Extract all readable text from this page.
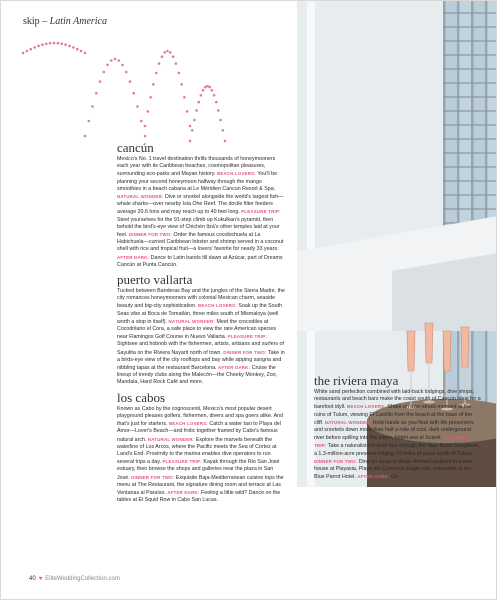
skip – Latin America
cancún

Mexico's No. 1 travel destination thrills thousands of honeymooners each year with its Caribbean beaches, cosmopolitan pleasures, surrounding eco-parks and Mayan history. BEACH LOVERS: You'll be planning your second honeymoon halfway through the mango smoothies in a beach cabana at Le Méridien Cancun Resort & Spa. NATURAL WONDER: Dive or snorkel alongside the world's largest fish—whale sharks—over nearby Isla Ohe Reef. The docile filter feeders average 20.6 tons and may reach up to 40 feet long. PLEASURE TRIP: Steel yourselves for the 91-step climb up Kukulkan's pyramid, then behold the bird's-eye view of Chichén Itzá's other temples laid at your feet. DINNER FOR TWO: Order the famous cocobichuela at La Habichuela—curried Caribbean lobster and shrimp served in a coconut shell with rice and tropical fruit—a lovers' favorite for nearly 33 years. AFTER DARK: Dance to Latin bands till dawn at Azúcar, part of Dreams Cancún at Punta Cancún.

puerto vallarta

Tucked between Banderas Bay and the jungles of the Sierra Madre, the city romances honeymooners with colonial Mexican charm, seaside beauty and big-city sophistication. BEACH LOVERS: Soak up the South Seas vibe at Boca de Tomatlán, three miles south of Mismaloya (well worth a stop in itself). NATURAL WONDER: Meet the crocodiles at Cocodrilario el Cora, a safe place to view the rare American species near Flamingos Golf Course in Nuevo Vallarta. PLEASURE TRIP: Sightsee and hobnob with the fishermen, artists, artisans and surfers of Sayulita on the Riviera Nayarit north of town. DINNER FOR TWO: Take in a birds-eye view of the city rooftops and bay while sipping sangria and nibbling tapas at the restaurant Barcelona. AFTER DARK: Cruise the lineup of trendy clubs along the Malecón—the Cheeky Monkey, Zoo, Mandala, Hard Rock Café and more.

los cabos

Known as Cabo by the cognoscenti, Mexico's most popular desert playground pleases golfers, fishermen, divers and spa goers alike. And that's just for starters. BEACH LOVERS: Catch a water taxi to Playa del Amor—Lover's Beach—and frolic together framed by Cabo's famous natural arch. NATURAL WONDER: Explore the marvels beneath the waterline of Los Arcos, where the Pacific meets the Sea of Cortez at Land's End. Proximity to the marina enables dive operators to run several trips a day. PLEASURE TRIP: Kayak through the Rio San José estuary, then browse the shops and galleries near the plaza in San José. DINNER FOR TWO: Exquisite Baja-Mediterranean cuisine tops the menu at The Restaurant, the signature dining room and terrace at Las Ventanas al Paraíso. AFTER DARK: Feeling a little wild? Dance on the tables at El Squid Row in Cabo San Lucas.

the riviera maya

White sand perfection combined with laid-back lodgings, dive shops, restaurants and beach bars make the coast south of Cancún ideal for a barefoot idyll. BEACH LOVERS: Share an awe-struck moment at the ruins of Tulum, viewing El Castillo from the beach at the base of the cliff. NATURAL WONDER: Hold hands as you float with life preservers and snorkels down more than half a mile of cool, dark underground river before spilling into the warm, bright sea at Xcaret. PLEASURE TRIP: Take a naturalist-led boat tour through the Sian Ka'an Biosphere, a 1.3-million-acre preserve edging 70 miles of coast south of Tulum. DINNER FOR TWO: Dine on steak or Asian-themed seafood in a tree house at Playasia, Playa del Carmen's jungle-chic restaurant at the Blue Parrot Hotel. AFTER DARK: Go

40 ♥ EliteWeddingCollection.com
